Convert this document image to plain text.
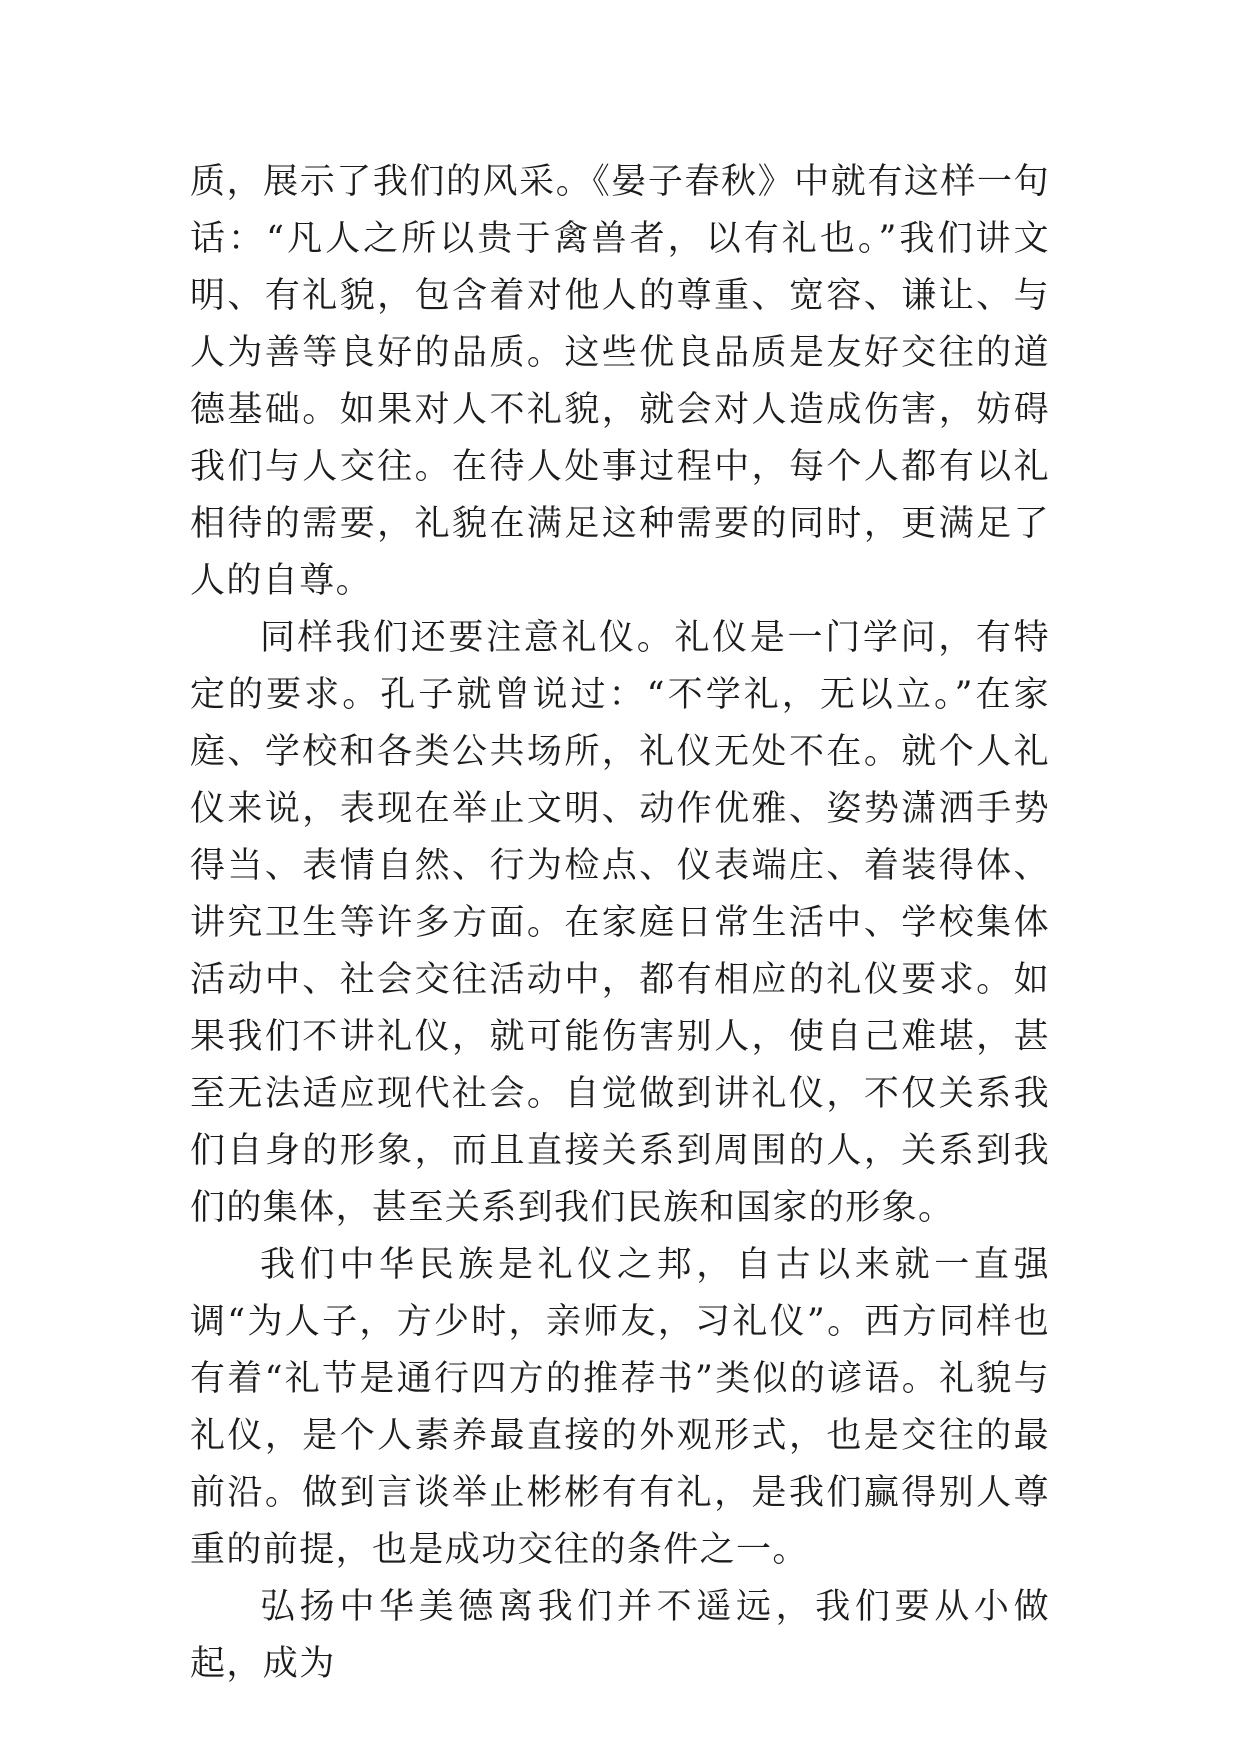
质，展示了我们的风采。《晏子春秋》中就有这样一句话：“凡人之所以贵于禽兽者，以有礼也。”我们讲文明、有礼貌，包含着对他人的尊重、宽容、谦让、与人为善等良好的品质。这些优良品质是友好交往的道德基础。如果对人不礼貌，就会对人造成伤害，妨碍我们与人交往。在待人处事过程中，每个人都有以礼相待的需要，礼貌在满足这种需要的同时，更满足了人的自尊。

同样我们还要注意礼仪。礼仪是一门学问，有特定的要求。孔子就曾说过：“不学礼，无以立。”在家庭、学校和各类公共场所，礼仪无处不在。就个人礼仪来说，表现在举止文明、动作优雅、姿势潇洒手势得当、表情自然、行为检点、仪表端庄、着装得体、讲究卫生等许多方面。在家庭日常生活中、学校集体活动中、社会交往活动中，都有相应的礼仪要求。如果我们不讲礼仪，就可能伤害别人，使自己难堪，甚至无法适应现代社会。自觉做到讲礼仪，不仅关系我们自身的形象，而且直接关系到周围的人，关系到我们的集体，甚至关系到我们民族和国家的形象。

我们中华民族是礼仪之邦，自古以来就一直强调“为人子，方少时，亲师友，习礼仪”。西方同样也有着“礼节是通行四方的推荐书”类似的谚语。礼貌与礼仪，是个人素养最直接的外观形式，也是交往的最前沿。做到言谈举止彬彬有有礼，是我们赢得别人尊重的前提，也是成功交往的条件之一。

弘扬中华美德离我们并不遥远，我们要从小做起，成为
